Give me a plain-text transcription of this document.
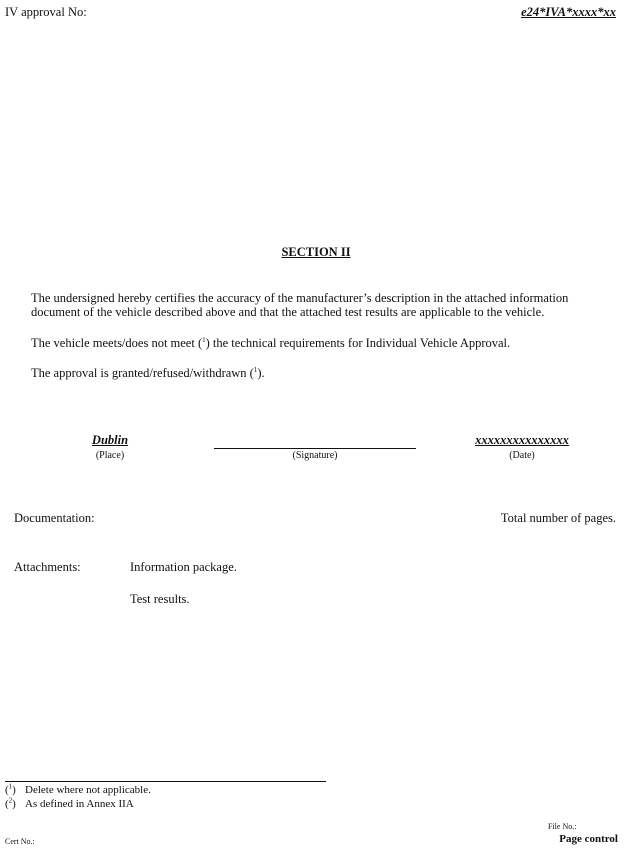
IV approval No:	e24*IVA*xxxx*xx
SECTION II
The undersigned hereby certifies the accuracy of the manufacturer’s description in the attached information
document of the vehicle described above and that the attached test results are applicable to the vehicle.
The vehicle meets/does not meet ($^1$) the technical requirements for Individual Vehicle Approval.
The approval is granted/refused/withdrawn ($^1$).
Dublin
(Place)	(Signature)
xxxxxxxxxxxxxxx
(Date)
Documentation:	Total number of pages.
Attachments:	Information package.
Test results.
($^1$) Delete where not applicable.
($^2$) As defined in Annex IIA
Cert No.:
File No.:
Page control
